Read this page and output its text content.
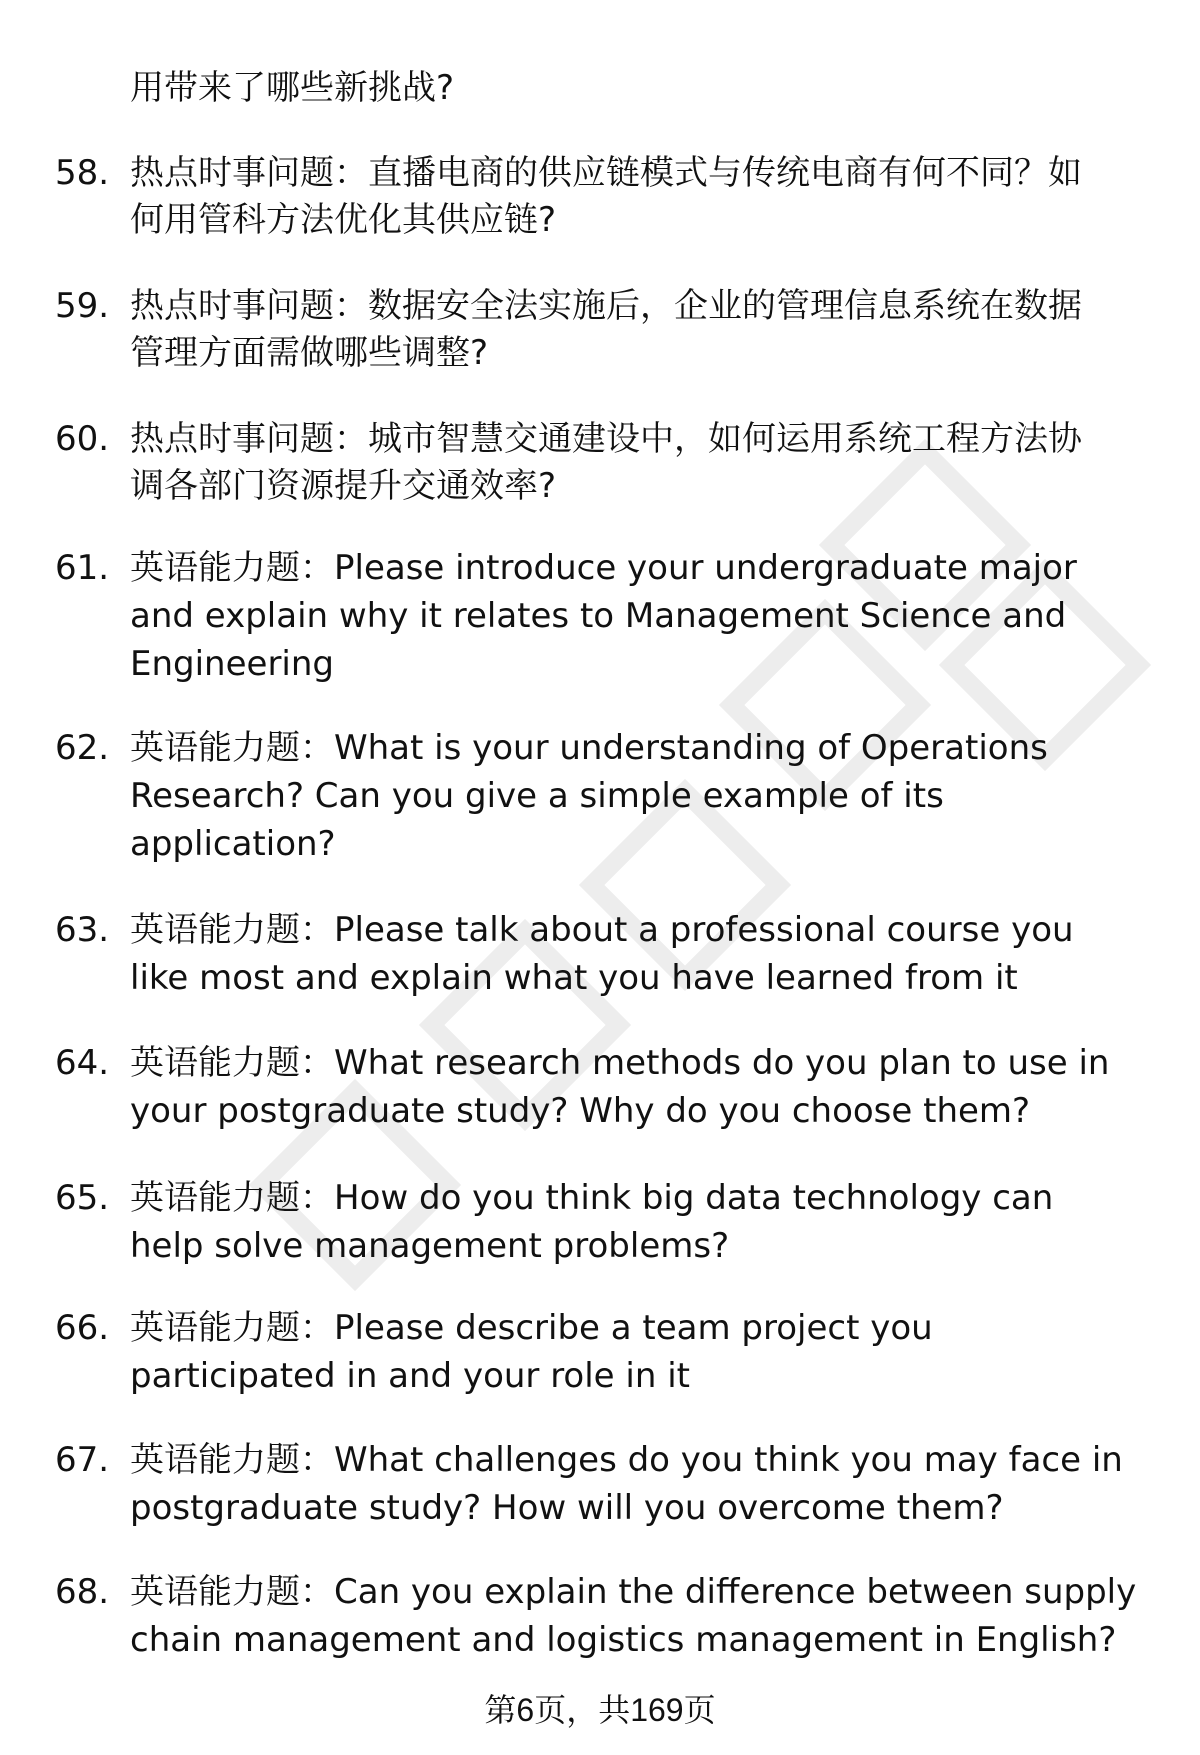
用带来了哪些新挑战?
58. 热点时事问题：直播电商的供应链模式与传统电商有何不同？如
何用管科方法优化其供应链?
59. 热点时事问题：数据安全法实施后，企业的管理信息系统在数据
管理方面需做哪些调整?
60. 热点时事问题：城市智慧交通建设中，如何运用系统工程方法协
调各部门资源提升交通效率?
61. 英语能力题：Please introduce your undergraduate major
and explain why it relates to Management Science and
Engineering
62. 英语能力题：What is your understanding of Operations
Research? Can you give a simple example of its
application?
63. 英语能力题：Please talk about a professional course you
like most and explain what you have learned from it
64. 英语能力题：What research methods do you plan to use in
your postgraduate study? Why do you choose them?
65. 英语能力题：How do you think big data technology can
help solve management problems?
66. 英语能力题：Please describe a team project you
participated in and your role in it
67. 英语能力题：What challenges do you think you may face in
postgraduate study? How will you overcome them?
68. 英语能力题：Can you explain the difference between supply
chain management and logistics management in English?
第6页，共169页
